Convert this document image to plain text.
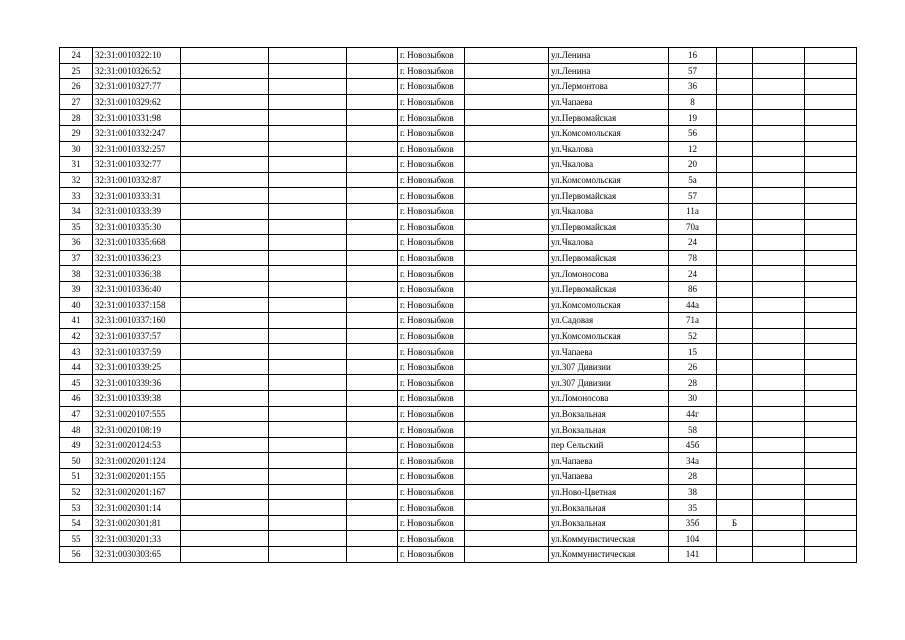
24	32:31:0010322:10				г. Новозыбков		ул.Ленина	16			
25	32:31:0010326:52				г. Новозыбков		ул.Ленина	57			
26	32:31:0010327:77				г. Новозыбков		ул.Лермонтова	36			
27	32:31:0010329:62				г. Новозыбков		ул.Чапаева	8			
28	32:31:0010331:98				г. Новозыбков		ул.Первомайская	19			
29	32:31:0010332:247				г. Новозыбков		ул.Комсомольская	56			
30	32:31:0010332:257				г. Новозыбков		ул.Чкалова	12			
31	32:31:0010332:77				г. Новозыбков		ул.Чкалова	20			
32	32:31:0010332:87				г. Новозыбков		ул.Комсомольская	5а			
33	32:31:0010333:31				г. Новозыбков		ул.Первомайская	57			
34	32:31:0010333:39				г. Новозыбков		ул.Чкалова	11а			
35	32:31:0010335:30				г. Новозыбков		ул.Первомайская	70а			
36	32:31:0010335:668				г. Новозыбков		ул.Чкалова	24			
37	32:31:0010336:23				г. Новозыбков		ул.Первомайская	78			
38	32:31:0010336:38				г. Новозыбков		ул.Ломоносова	24			
39	32:31:0010336:40				г. Новозыбков		ул.Первомайская	86			
40	32:31:0010337:158				г. Новозыбков		ул.Комсомольская	44а			
41	32:31:0010337:160				г. Новозыбков		ул.Садовая	71а			
42	32:31:0010337:57				г. Новозыбков		ул.Комсомольская	52			
43	32:31:0010337:59				г. Новозыбков		ул.Чапаева	15			
44	32:31:0010339:25				г. Новозыбков		ул.307 Дивизии	26			
45	32:31:0010339:36				г. Новозыбков		ул.307 Дивизии	28			
46	32:31:0010339:38				г. Новозыбков		ул.Ломоносова	30			
47	32:31:0020107:555				г. Новозыбков		ул.Вокзальная	44г			
48	32:31:0020108:19				г. Новозыбков		ул.Вокзальная	58			
49	32:31:0020124:53				г. Новозыбков		пер Сельский	45б			
50	32:31:0020201:124				г. Новозыбков		ул.Чапаева	34а			
51	32:31:0020201:155				г. Новозыбков		ул.Чапаева	28			
52	32:31:0020201:167				г. Новозыбков		ул.Ново-Цветная	38			
53	32:31:0020301:14				г. Новозыбков		ул.Вокзальная	35			
54	32:31:0020301:81				г. Новозыбков		ул.Вокзальная	35б	Б		
55	32:31:0030201:33				г. Новозыбков		ул.Коммунистическая	104			
56	32:31:0030303:65				г. Новозыбков		ул.Коммунистическая	141			
